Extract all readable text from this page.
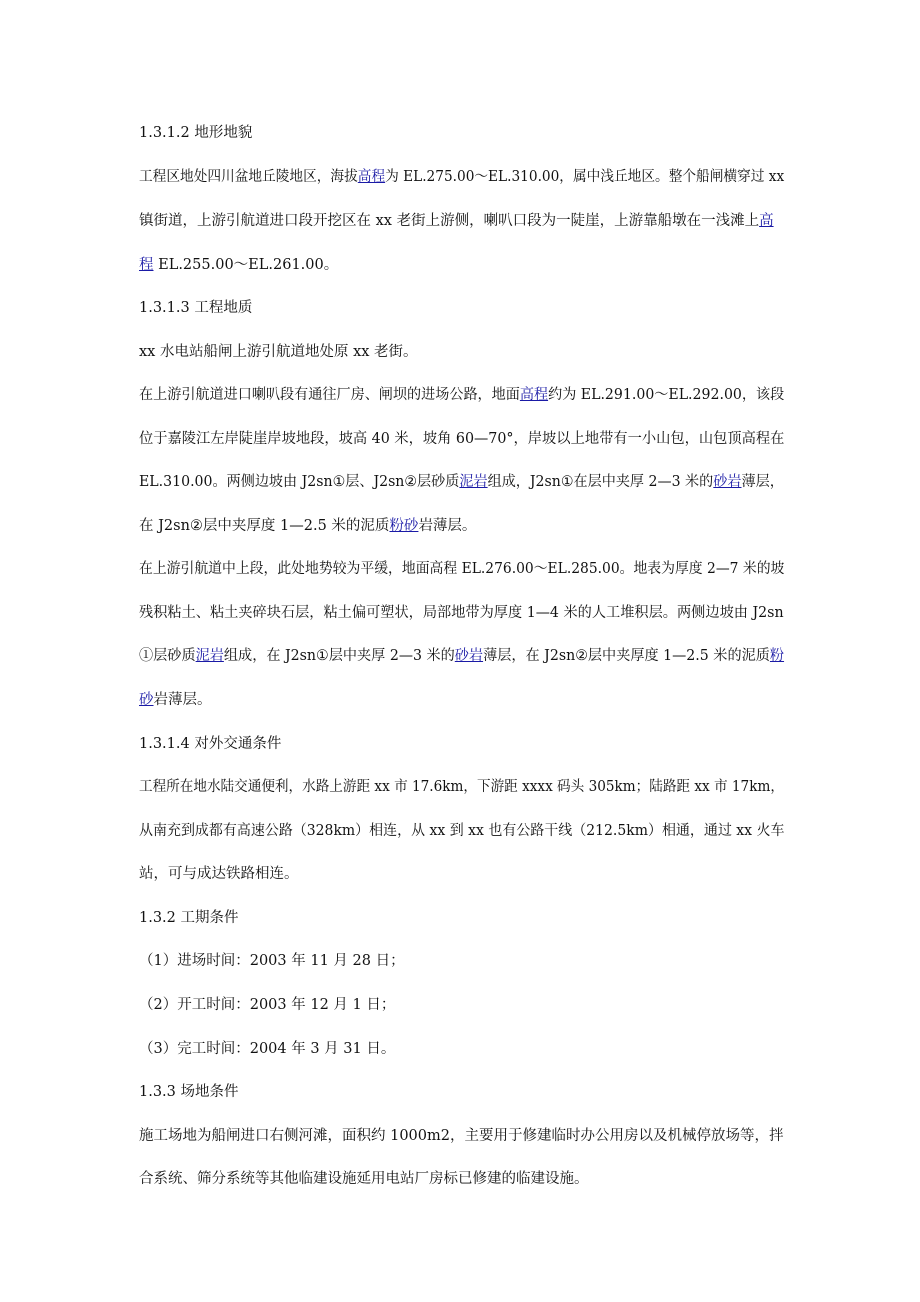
1.3.1.2 地形地貌
工程区地处四川盆地丘陵地区，海拔高程为 EL.275.00～EL.310.00，属中浅丘地区。整个船闸横穿过 xx
镇街道，上游引航道进口段开挖区在 xx 老街上游侧，喇叭口段为一陡崖，上游靠船墩在一浅滩上高
程 EL.255.00～EL.261.00。
1.3.1.3 工程地质
xx 水电站船闸上游引航道地处原 xx 老街。
在上游引航道进口喇叭段有通往厂房、闸坝的进场公路，地面高程约为 EL.291.00～EL.292.00，该段
位于嘉陵江左岸陡崖岸坡地段，坡高 40 米，坡角 60—70°，岸坡以上地带有一小山包，山包顶高程在
EL.310.00。两侧边坡由 J2sn①层、J2sn②层砂质泥岩组成，J2sn①在层中夹厚 2—3 米的砂岩薄层，
在 J2sn②层中夹厚度 1—2.5 米的泥质粉砂岩薄层。
在上游引航道中上段，此处地势较为平缓，地面高程 EL.276.00～EL.285.00。地表为厚度 2—7 米的坡
残积粘土、粘土夹碎块石层，粘土偏可塑状，局部地带为厚度 1—4 米的人工堆积层。两侧边坡由 J2sn
①层砂质泥岩组成，在 J2sn①层中夹厚 2—3 米的砂岩薄层，在 J2sn②层中夹厚度 1—2.5 米的泥质粉
砂岩薄层。
1.3.1.4 对外交通条件
工程所在地水陆交通便利，水路上游距 xx 市 17.6km，下游距 xxxx 码头 305km；陆路距 xx 市 17km，
从南充到成都有高速公路（328km）相连，从 xx 到 xx 也有公路干线（212.5km）相通，通过 xx 火车
站，可与成达铁路相连。
1.3.2 工期条件
（1）进场时间：2003 年 11 月 28 日；
（2）开工时间：2003 年 12 月 1 日；
（3）完工时间：2004 年 3 月 31 日。
1.3.3 场地条件
施工场地为船闸进口右侧河滩，面积约 1000m2，主要用于修建临时办公用房以及机械停放场等，拌
合系统、筛分系统等其他临建设施延用电站厂房标已修建的临建设施。
